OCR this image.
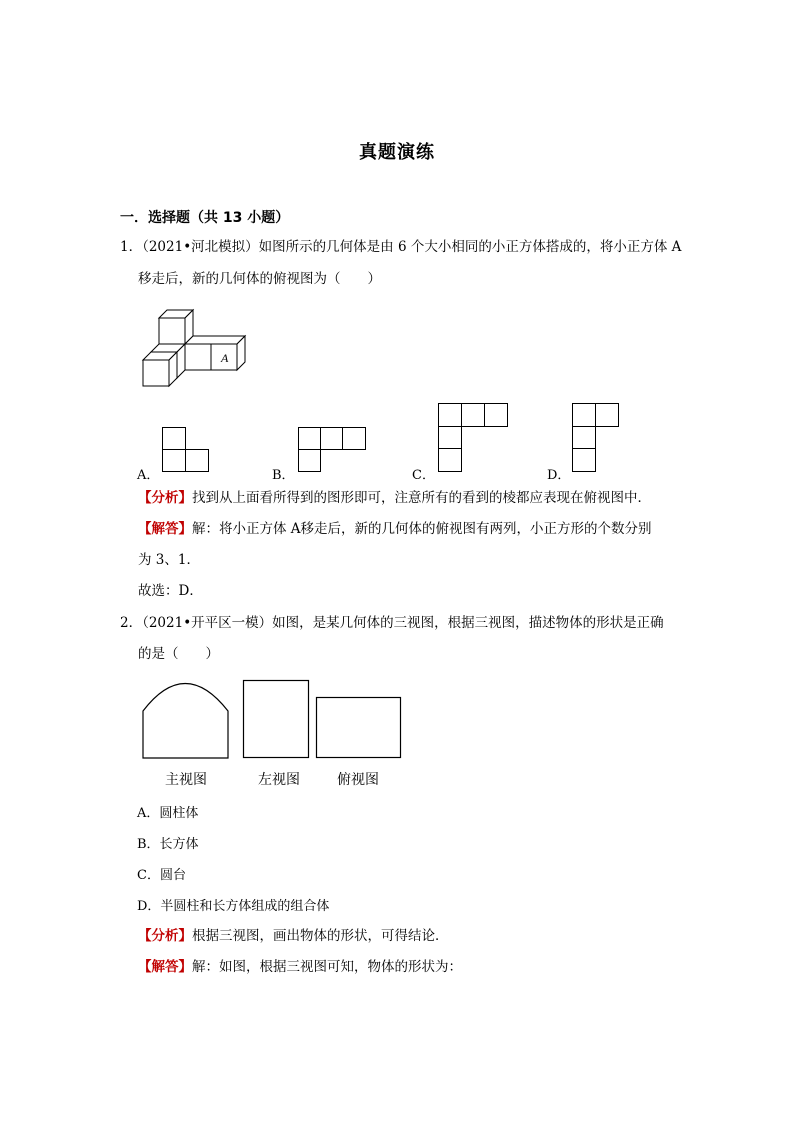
真题演练
一．选择题（共 13 小题）
1．（2021•河北模拟）如图所示的几何体是由 6 个大小相同的小正方体搭成的，将小正方体 A
移走后，新的几何体的俯视图为（　　）
A
A．	B．	C．	D．
【分析】找到从上面看所得到的图形即可，注意所有的看到的棱都应表现在俯视图中．
【解答】解：将小正方体 A移走后，新的几何体的俯视图有两列，小正方形的个数分别
为 3、1．
故选：D．
2．（2021•开平区一模）如图，是某几何体的三视图，根据三视图，描述物体的形状是正确
的是（　　）
主视图	左视图	俯视图
A．圆柱体
B．长方体
C．圆台
D．半圆柱和长方体组成的组合体
【分析】根据三视图，画出物体的形状，可得结论．
【解答】解：如图，根据三视图可知，物体的形状为：
